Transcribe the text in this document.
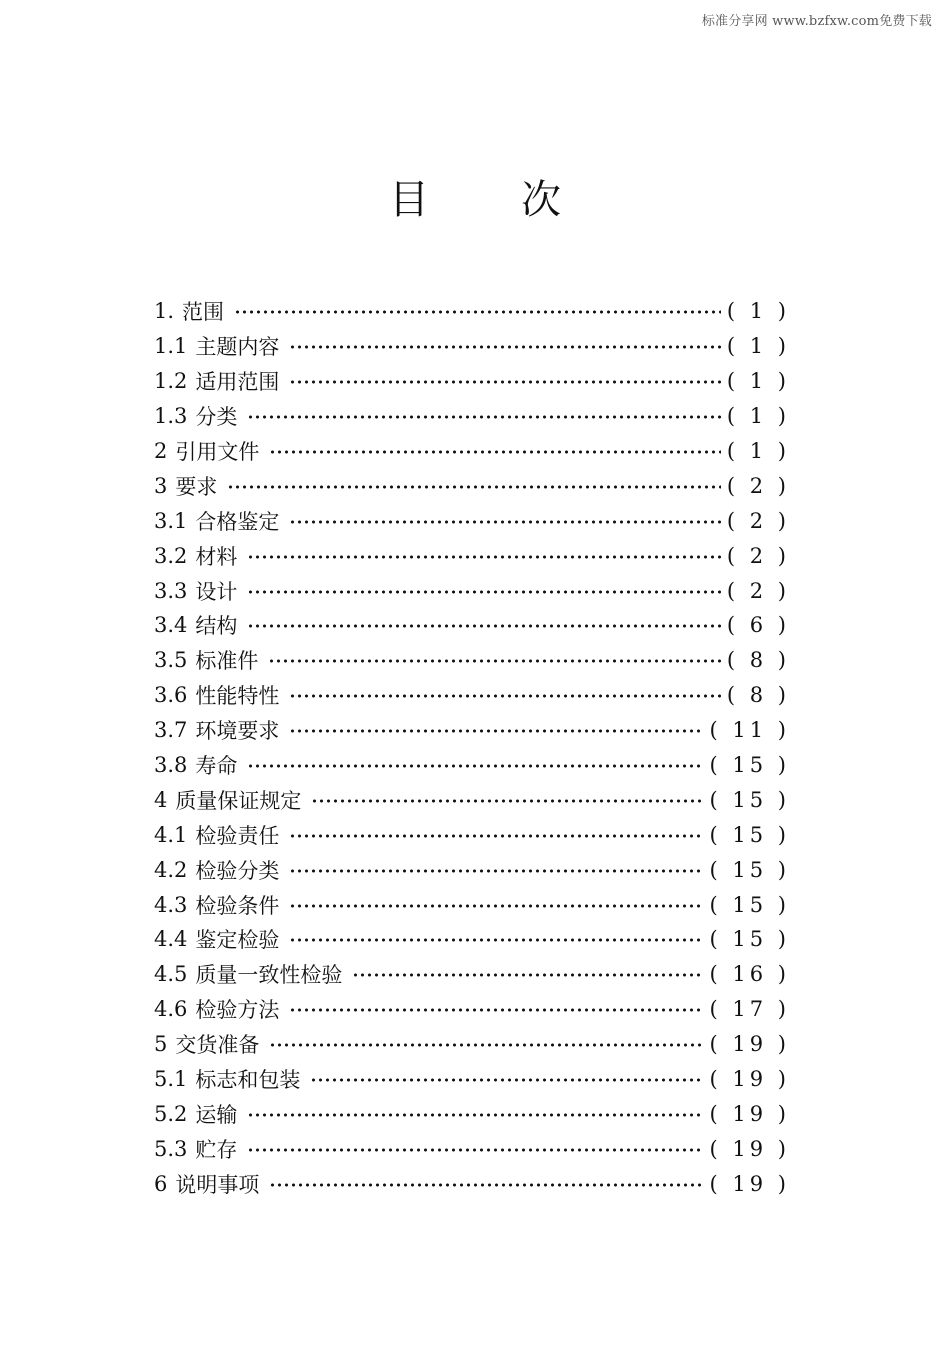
标准分享网 www.bzfxw.com免费下载
目 次
1. 范围	( 1 )
1.1 主题内容	( 1 )
1.2 适用范围	( 1 )
1.3 分类	( 1 )
2 引用文件	( 1 )
3 要求	( 2 )
3.1 合格鉴定	( 2 )
3.2 材料	( 2 )
3.3 设计	( 2 )
3.4 结构	( 6 )
3.5 标准件	( 8 )
3.6 性能特性	( 8 )
3.7 环境要求	( 11 )
3.8 寿命	( 15 )
4 质量保证规定	( 15 )
4.1 检验责任	( 15 )
4.2 检验分类	( 15 )
4.3 检验条件	( 15 )
4.4 鉴定检验	( 15 )
4.5 质量一致性检验	( 16 )
4.6 检验方法	( 17 )
5 交货准备	( 19 )
5.1 标志和包装	( 19 )
5.2 运输	( 19 )
5.3 贮存	( 19 )
6 说明事项	( 19 )
